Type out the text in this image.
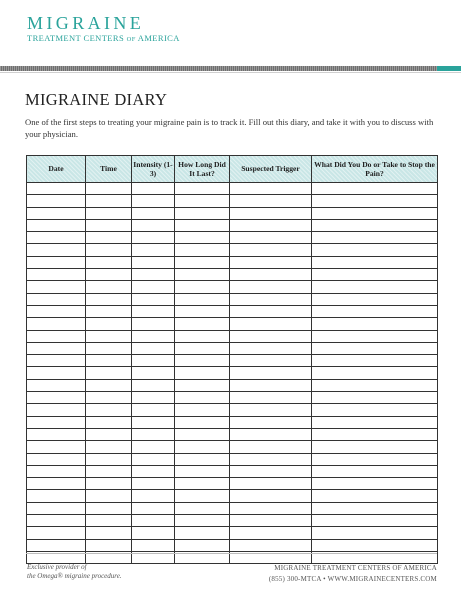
MIGRAINE
TREATMENT CENTERS OF AMERICA
MIGRAINE DIARY
One of the first steps to treating your migraine pain is to track it. Fill out this diary, and take it with you to discuss with your physician.
Date	Time	Intensity (1-3)	How Long Did It Last?	Suspected Trigger	What Did You Do or Take to Stop the Pain?

Exclusive provider of
the Omega® migraine procedure.
MIGRAINE TREATMENT CENTERS OF AMERICA
(855) 300-MTCA • WWW.MIGRAINECENTERS.COM
